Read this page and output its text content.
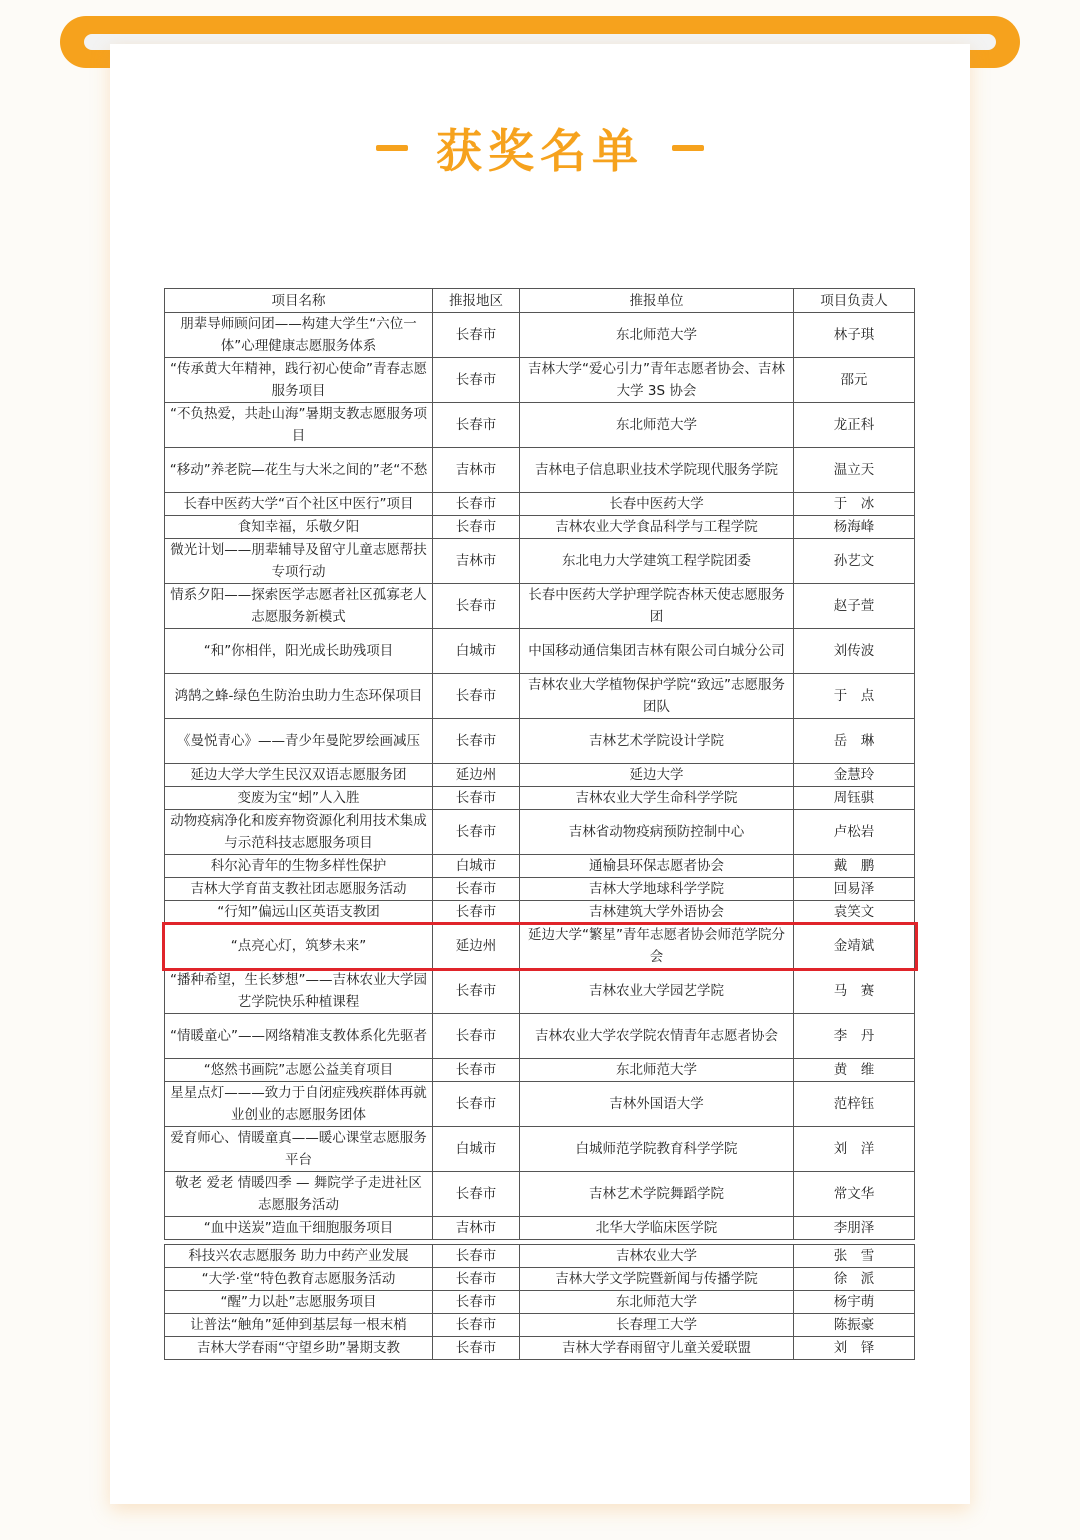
获奖名单
项目名称	推报地区	推报单位	项目负责人
朋辈导师顾问团——构建大学生“六位一体”心理健康志愿服务体系	长春市	东北师范大学	林子琪
“传承黄大年精神，践行初心使命”青春志愿服务项目	长春市	吉林大学“爱心引力”青年志愿者协会、吉林大学 3S 协会	邵元
“不负热爱，共赴山海”暑期支教志愿服务项目	长春市	东北师范大学	龙正科
“移动”养老院—花生与大米之间的”老“不愁	吉林市	吉林电子信息职业技术学院现代服务学院	温立天
长春中医药大学“百个社区中医行”项目	长春市	长春中医药大学	于　冰
食知幸福，乐敬夕阳	长春市	吉林农业大学食品科学与工程学院	杨海峰
微光计划——朋辈辅导及留守儿童志愿帮扶专项行动	吉林市	东北电力大学建筑工程学院团委	孙艺文
情系夕阳——探索医学志愿者社区孤寡老人志愿服务新模式	长春市	长春中医药大学护理学院杏林天使志愿服务团	赵子萱
“和”你相伴，阳光成长助残项目	白城市	中国移动通信集团吉林有限公司白城分公司	刘传波
鸿鹄之蜂-绿色生防治虫助力生态环保项目	长春市	吉林农业大学植物保护学院“致远”志愿服务团队	于　点
《曼悦青心》——青少年曼陀罗绘画减压	长春市	吉林艺术学院设计学院	岳　琳
延边大学大学生民汉双语志愿服务团	延边州	延边大学	金慧玲
变废为宝“蚓”人入胜	长春市	吉林农业大学生命科学学院	周钰骐
动物疫病净化和废弃物资源化利用技术集成与示范科技志愿服务项目	长春市	吉林省动物疫病预防控制中心	卢松岩
科尔沁青年的生物多样性保护	白城市	通榆县环保志愿者协会	戴　鹏
吉林大学育苗支教社团志愿服务活动	长春市	吉林大学地球科学学院	回易泽
“行知”偏远山区英语支教团	长春市	吉林建筑大学外语协会	袁笑文
“点亮心灯，筑梦未来”	延边州	延边大学“繁星”青年志愿者协会师范学院分会	金靖斌
“播种希望，生长梦想”——吉林农业大学园艺学院快乐种植课程	长春市	吉林农业大学园艺学院	马　赛
“情暖童心”——网络精准支教体系化先驱者	长春市	吉林农业大学农学院农情青年志愿者协会	李　丹
“悠然书画院”志愿公益美育项目	长春市	东北师范大学	黄　维
星星点灯———致力于自闭症残疾群体再就业创业的志愿服务团体	长春市	吉林外国语大学	范梓钰
爱育师心、情暖童真——暖心课堂志愿服务平台	白城市	白城师范学院教育科学学院	刘　洋
敬老 爱老 情暖四季 — 舞院学子走进社区志愿服务活动	长春市	吉林艺术学院舞蹈学院	常文华
“血中送炭”造血干细胞服务项目	吉林市	北华大学临床医学院	李朋泽

科技兴农志愿服务 助力中药产业发展	长春市	吉林农业大学	张　雪
“大学·堂“特色教育志愿服务活动	长春市	吉林大学文学院暨新闻与传播学院	徐　派
“醒”力以赴”志愿服务项目	长春市	东北师范大学	杨宇萌
让普法“触角”延伸到基层每一根末梢	长春市	长春理工大学	陈振豪
吉林大学春雨“守望乡助”暑期支教	长春市	吉林大学春雨留守儿童关爱联盟	刘　铎
